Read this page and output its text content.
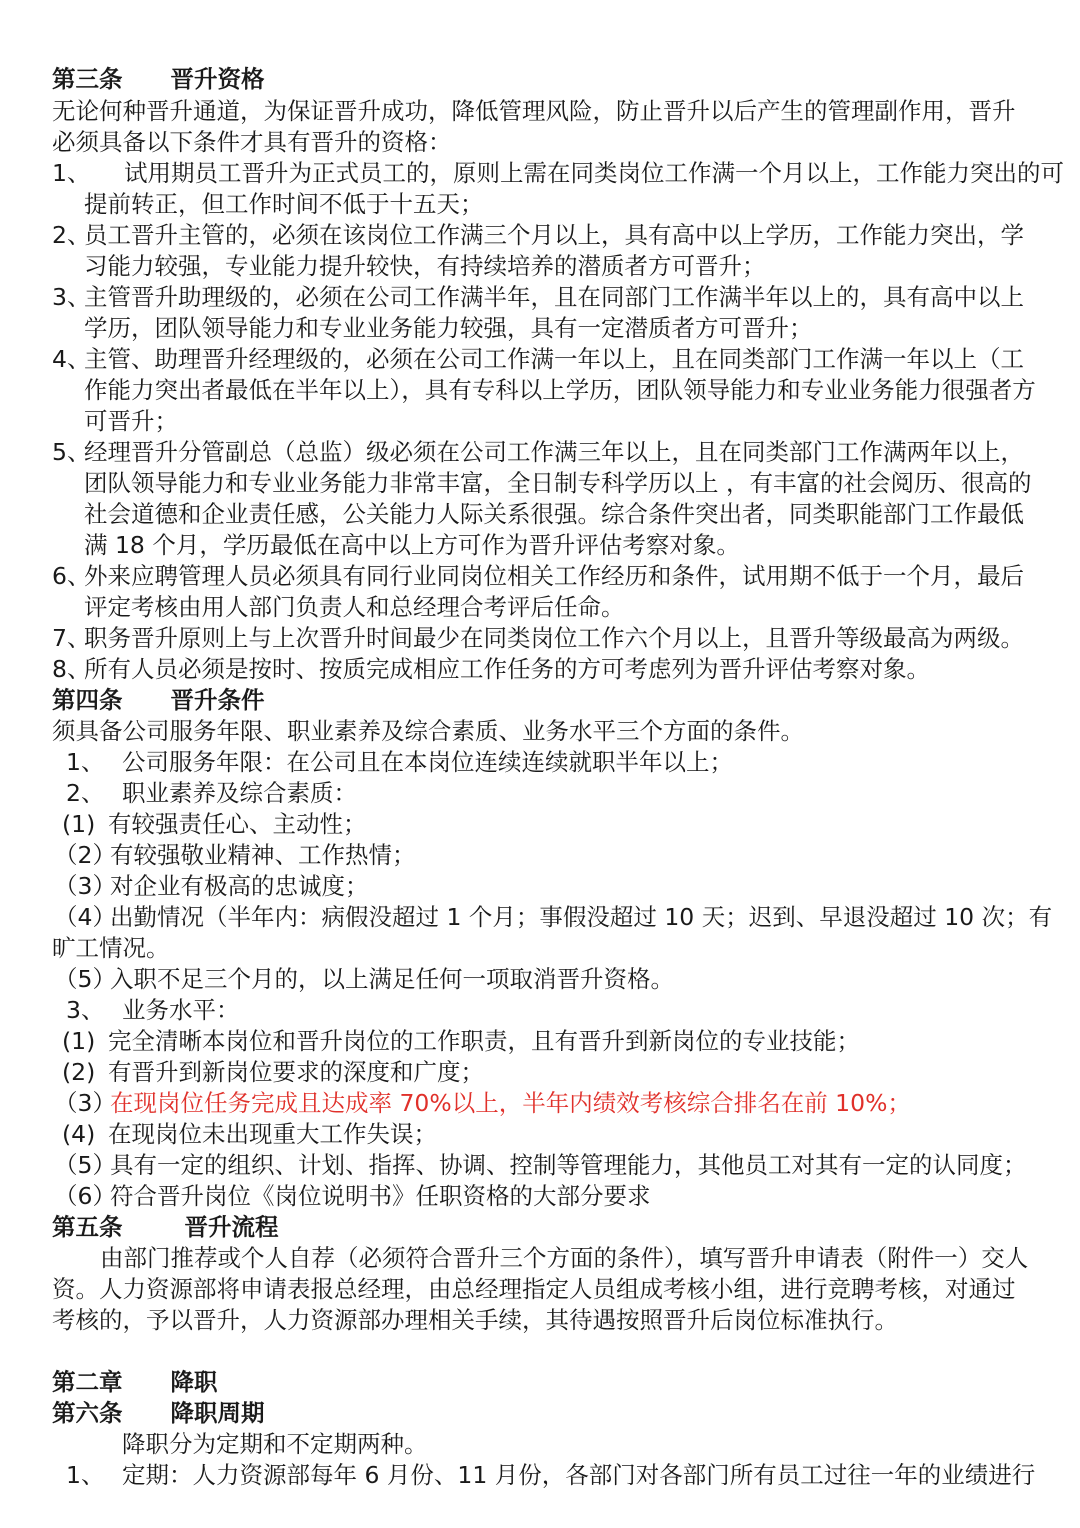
第三条 晋升资格
无论何种晋升通道，为保证晋升成功，降低管理风险，防止晋升以后产生的管理副作用，晋升
必须具备以下条件才具有晋升的资格：
1、 试用期员工晋升为正式员工的，原则上需在同类岗位工作满一个月以上，工作能力突出的可
提前转正，但工作时间不低于十五天；
2、员工晋升主管的，必须在该岗位工作满三个月以上，具有高中以上学历，工作能力突出，学
习能力较强，专业能力提升较快，有持续培养的潜质者方可晋升；
3、主管晋升助理级的，必须在公司工作满半年，且在同部门工作满半年以上的，具有高中以上
学历，团队领导能力和专业业务能力较强，具有一定潜质者方可晋升；
4、主管、助理晋升经理级的，必须在公司工作满一年以上，且在同类部门工作满一年以上（工
作能力突出者最低在半年以上），具有专科以上学历，团队领导能力和专业业务能力很强者方
可晋升；
5、经理晋升分管副总（总监）级必须在公司工作满三年以上，且在同类部门工作满两年以上，
团队领导能力和专业业务能力非常丰富，全日制专科学历以上 ，有丰富的社会阅历、很高的
社会道德和企业责任感，公关能力人际关系很强。综合条件突出者，同类职能部门工作最低
满 18 个月，学历最低在高中以上方可作为晋升评估考察对象。
6、外来应聘管理人员必须具有同行业同岗位相关工作经历和条件，试用期不低于一个月，最后
评定考核由用人部门负责人和总经理合考评后任命。
7、职务晋升原则上与上次晋升时间最少在同类岗位工作六个月以上，且晋升等级最高为两级。
8、所有人员必须是按时、按质完成相应工作任务的方可考虑列为晋升评估考察对象。
第四条 晋升条件
须具备公司服务年限、职业素养及综合素质、业务水平三个方面的条件。
1、 公司服务年限：在公司且在本岗位连续连续就职半年以上；
2、 职业素养及综合素质：
(1) 有较强责任心、主动性；
（2）有较强敬业精神、工作热情；
（3）对企业有极高的忠诚度；
（4）出勤情况（半年内：病假没超过 1 个月；事假没超过 10 天；迟到、早退没超过 10 次；有
旷工情况。
（5）入职不足三个月的，以上满足任何一项取消晋升资格。
3、 业务水平：
(1) 完全清晰本岗位和晋升岗位的工作职责，且有晋升到新岗位的专业技能；
(2) 有晋升到新岗位要求的深度和广度；
（3）在现岗位任务完成且达成率 70%以上，半年内绩效考核综合排名在前 10%；
(4) 在现岗位未出现重大工作失误；
（5）具有一定的组织、计划、指挥、协调、控制等管理能力，其他员工对其有一定的认同度；
（6）符合晋升岗位《岗位说明书》任职资格的大部分要求
第五条	晋升流程
由部门推荐或个人自荐（必须符合晋升三个方面的条件），填写晋升申请表（附件一）交人
资。人力资源部将申请表报总经理，由总经理指定人员组成考核小组，进行竞聘考核，对通过
考核的，予以晋升，人力资源部办理相关手续，其待遇按照晋升后岗位标准执行。
第二章 降职
第六条 降职周期
降职分为定期和不定期两种。
1、 定期：人力资源部每年 6 月份、11 月份，各部门对各部门所有员工过往一年的业绩进行
